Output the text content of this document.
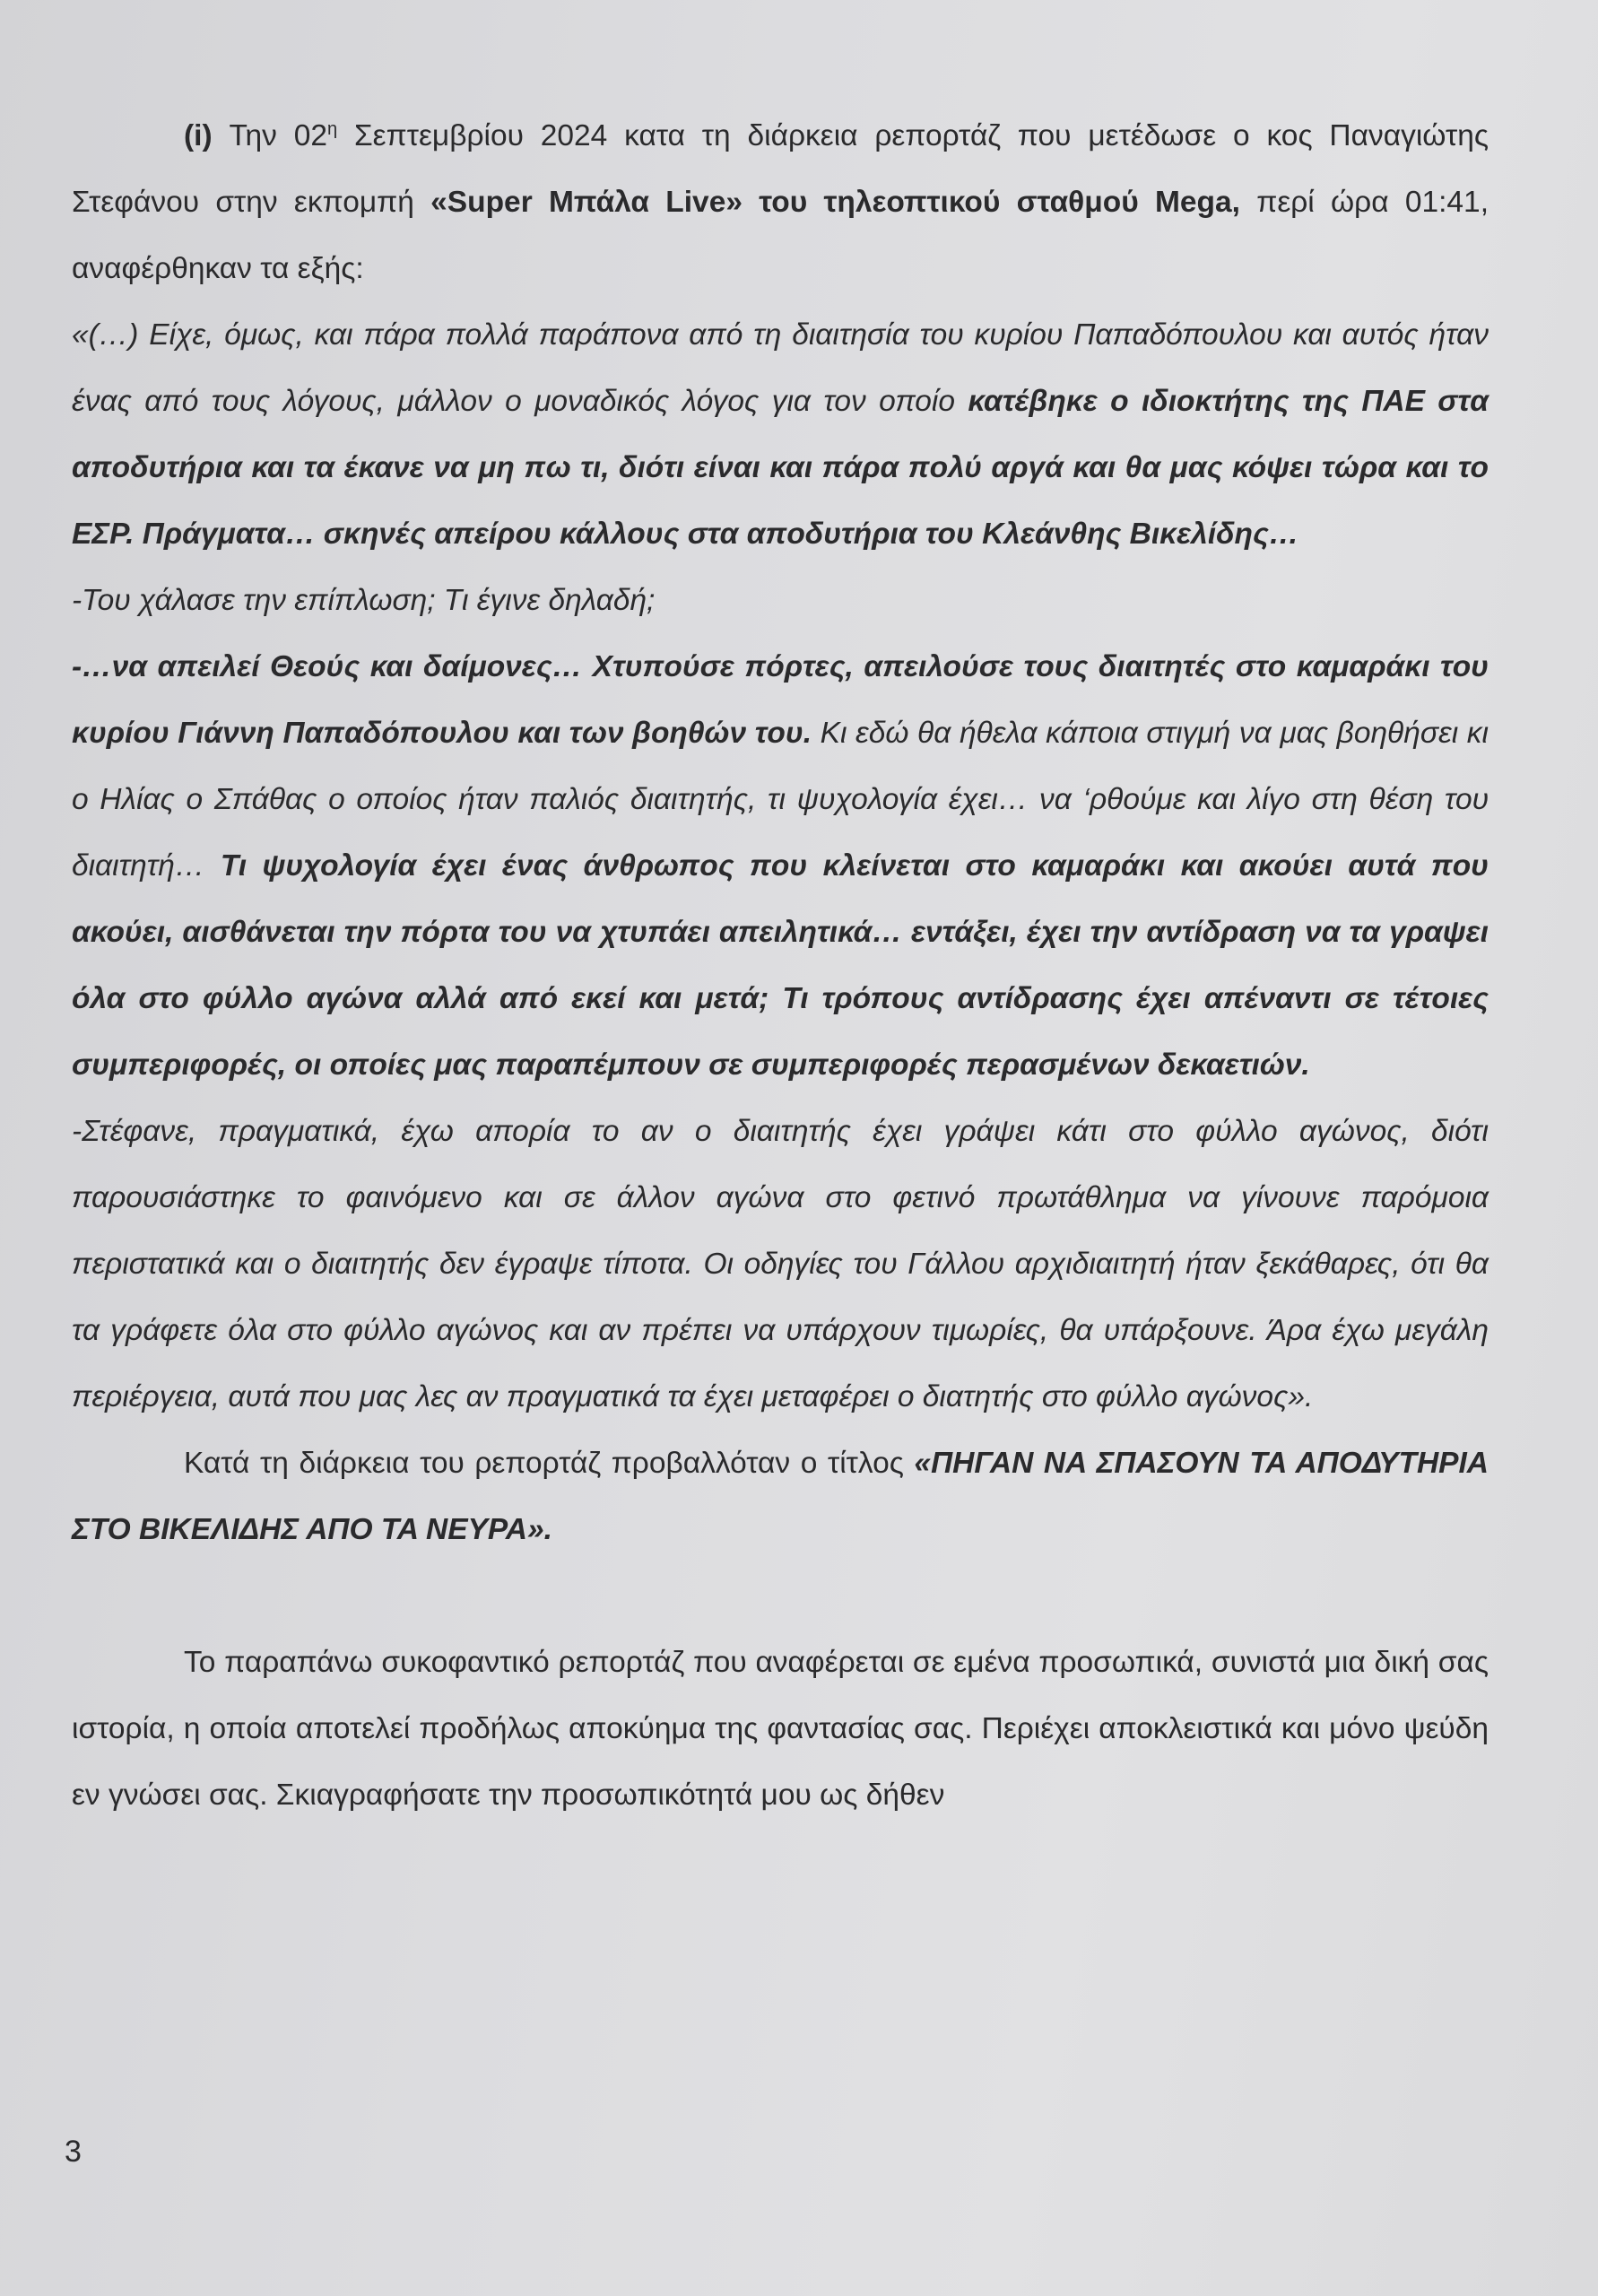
(i) Την $02^\eta$ Σεπτεμβρίου 2024 κατα τη διάρκεια ρεπορτάζ που μετέδωσε ο κος Παναγιώτης Στεφάνου στην εκπομπή «Super Μπάλα Live» του τηλεοπτικού σταθμού Mega, περί ώρα 01:41, αναφέρθηκαν τα εξής:

«(…) Είχε, όμως, και πάρα πολλά παράπονα από τη διαιτησία του κυρίου Παπαδόπουλου και αυτός ήταν ένας από τους λόγους, μάλλον ο μοναδικός λόγος για τον οποίο κατέβηκε ο ιδιοκτήτης της ΠΑΕ στα αποδυτήρια και τα έκανε να μη πω τι, διότι είναι και πάρα πολύ αργά και θα μας κόψει τώρα και το ΕΣΡ. Πράγματα… σκηνές απείρου κάλλους στα αποδυτήρια του Κλεάνθης Βικελίδης…

-Του χάλασε την επίπλωση; Τι έγινε δηλαδή;

-…να απειλεί Θεούς και δαίμονες… Χτυπούσε πόρτες, απειλούσε τους διαιτητές στο καμαράκι του κυρίου Γιάννη Παπαδόπουλου και των βοηθών του. Κι εδώ θα ήθελα κάποια στιγμή να μας βοηθήσει κι ο Ηλίας ο Σπάθας ο οποίος ήταν παλιός διαιτητής, τι ψυχολογία έχει… να ‘ρθούμε και λίγο στη θέση του διαιτητή… Τι ψυχολογία έχει ένας άνθρωπος που κλείνεται στο καμαράκι και ακούει αυτά που ακούει, αισθάνεται την πόρτα του να χτυπάει απειλητικά… εντάξει, έχει την αντίδραση να τα γραψει όλα στο φύλλο αγώνα αλλά από εκεί και μετά; Τι τρόπους αντίδρασης έχει απέναντι σε τέτοιες συμπεριφορές, οι οποίες μας παραπέμπουν σε συμπεριφορές περασμένων δεκαετιών.

-Στέφανε, πραγματικά, έχω απορία το αν ο διαιτητής έχει γράψει κάτι στο φύλλο αγώνος, διότι παρουσιάστηκε το φαινόμενο και σε άλλον αγώνα στο φετινό πρωτάθλημα να γίνουνε παρόμοια περιστατικά και ο διαιτητής δεν έγραψε τίποτα. Οι οδηγίες του Γάλλου αρχιδιαιτητή ήταν ξεκάθαρες, ότι θα τα γράφετε όλα στο φύλλο αγώνος και αν πρέπει να υπάρχουν τιμωρίες, θα υπάρξουνε. Άρα έχω μεγάλη περιέργεια, αυτά που μας λες αν πραγματικά τα έχει μεταφέρει ο διατητής στο φύλλο αγώνος».

Κατά τη διάρκεια του ρεπορτάζ προβαλλόταν ο τίτλος «ΠΗΓΑΝ ΝΑ ΣΠΑΣΟΥΝ ΤΑ ΑΠΟΔΥΤΗΡΙΑ ΣΤΟ ΒΙΚΕΛΙΔΗΣ ΑΠΟ ΤΑ ΝΕΥΡΑ».

Το παραπάνω συκοφαντικό ρεπορτάζ που αναφέρεται σε εμένα προσωπικά, συνιστά μια δική σας ιστορία, η οποία αποτελεί προδήλως αποκύημα της φαντασίας σας. Περιέχει αποκλειστικά και μόνο ψεύδη εν γνώσει σας. Σκιαγραφήσατε την προσωπικότητά μου ως δήθεν

3
